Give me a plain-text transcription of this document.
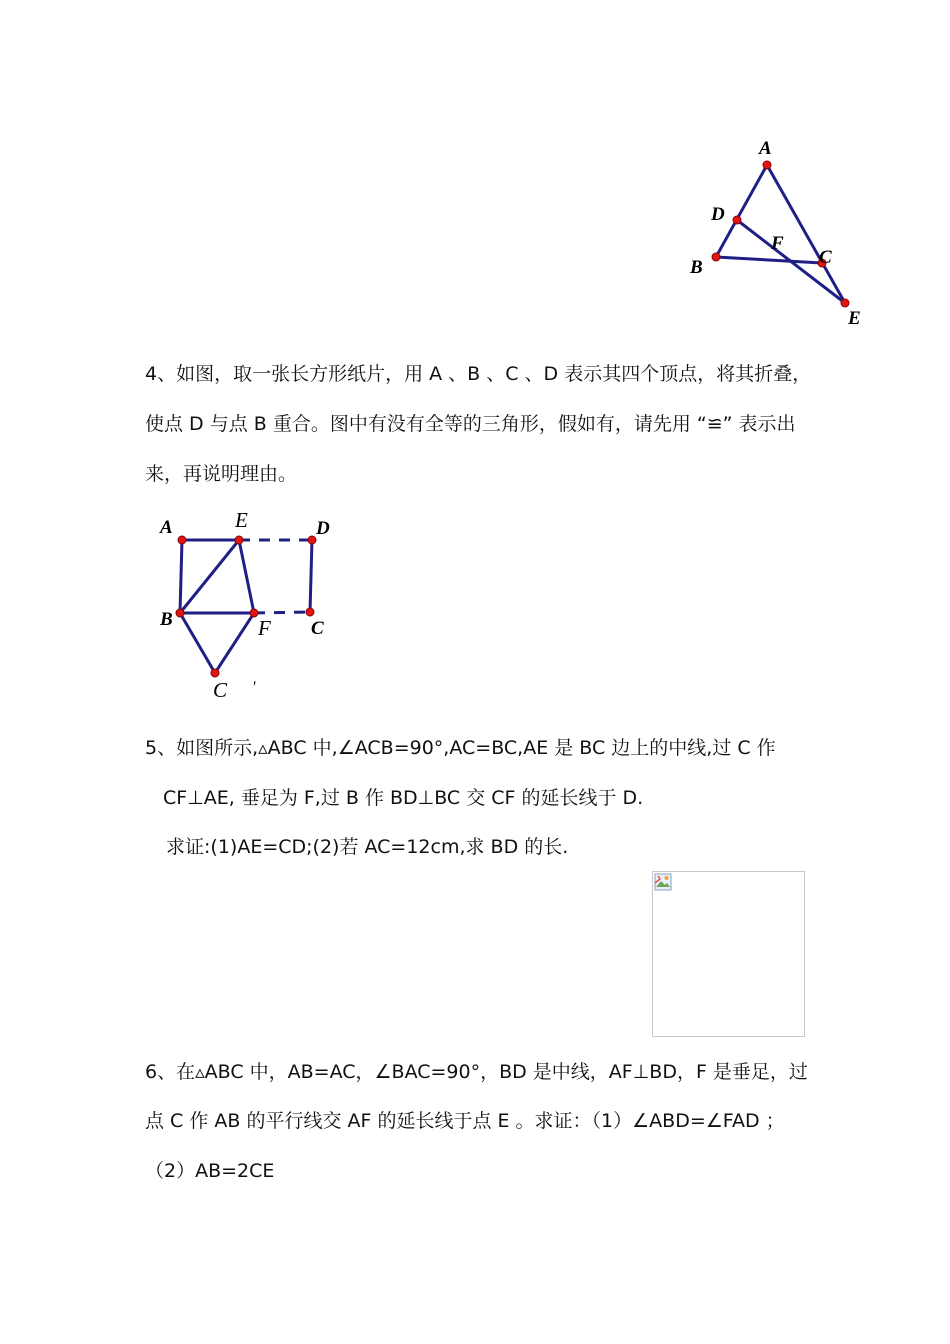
A
D
F
C
B
E
4、如图，取一张长方形纸片，用 A 、B 、C 、D 表示其四个顶点，将其折叠，
使点 D 与点 B 重合。图中有没有全等的三角形，假如有，请先用 “≌” 表示出
来，再说明理由。
A	E	D
B	F C
C '
5、如图所示,▵ABC 中,∠ACB=90°,AC=BC,AE 是 BC 边上的中线,过 C 作
CF⊥AE, 垂足为 F,过 B 作 BD⊥BC 交 CF 的延长线于 D.
求证:(1)AE=CD;(2)若 AC=12cm,求 BD 的长.
6、在▵ABC 中，AB=AC，∠BAC=90°，BD 是中线，AF⊥BD，F 是垂足，过
点 C 作 AB 的平行线交 AF 的延长线于点 E 。求证：（1）∠ABD=∠FAD ；
（2）AB=2CE
